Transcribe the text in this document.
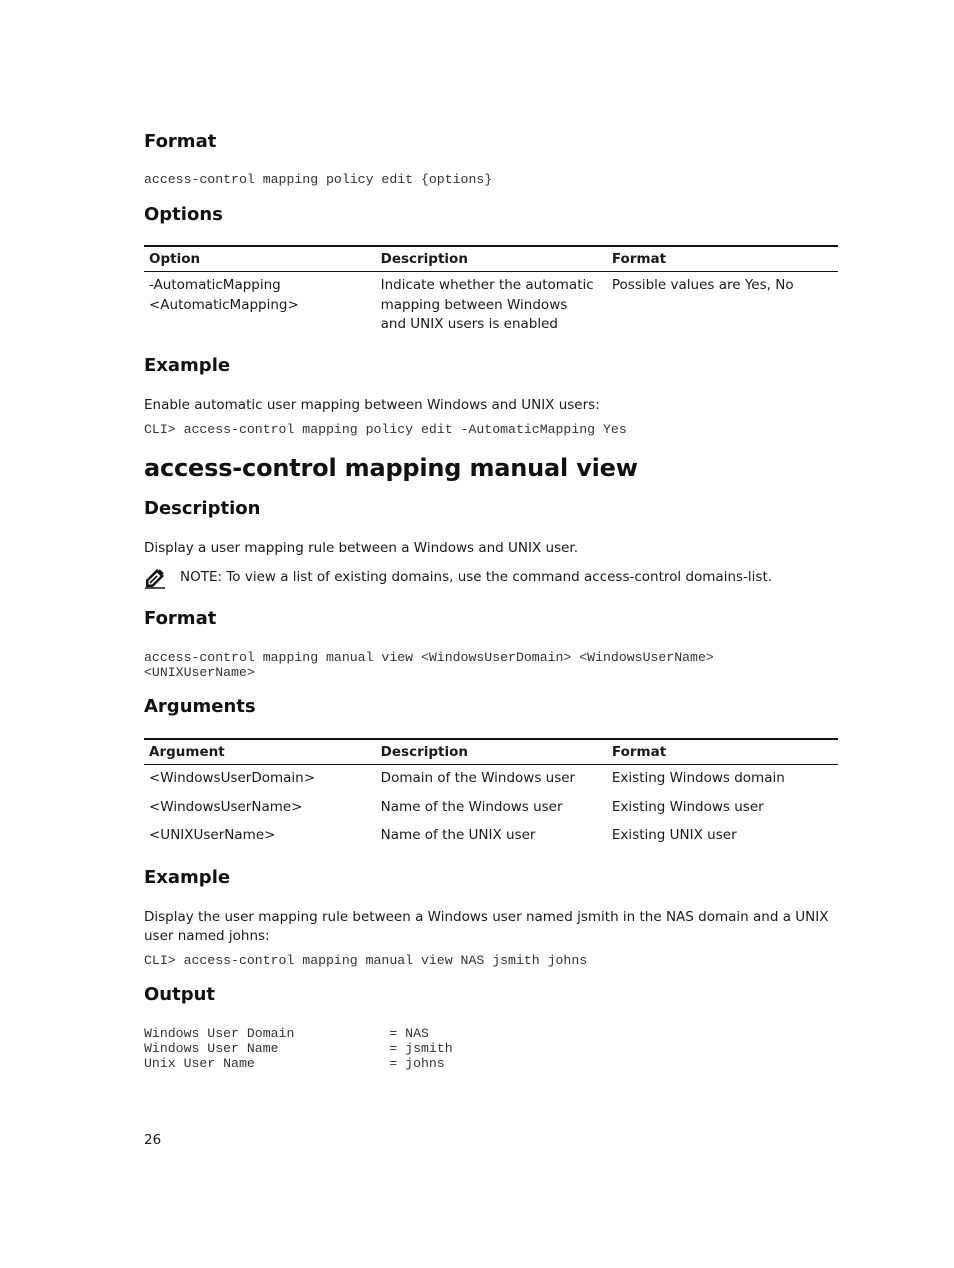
Format
access-control mapping policy edit {options}
Options
Option	Description	Format
-AutomaticMapping
<AutomaticMapping>	Indicate whether the automatic mapping between Windows and UNIX users is enabled	Possible values are Yes, No
Example

Enable automatic user mapping between Windows and UNIX users:

CLI> access-control mapping policy edit -AutomaticMapping Yes
access-control mapping manual view
Description

Display a user mapping rule between a Windows and UNIX user.

NOTE: To view a list of existing domains, use the command access-control domains-list.

Format
access-control mapping manual view <WindowsUserDomain> <WindowsUserName>
<UNIXUserName>
Arguments
Argument	Description	Format
<WindowsUserDomain>	Domain of the Windows user	Existing Windows domain
<WindowsUserName>	Name of the Windows user	Existing Windows user
<UNIXUserName>	Name of the UNIX user	Existing UNIX user
Example

Display the user mapping rule between a Windows user named jsmith in the NAS domain and a UNIX user named johns:

CLI> access-control mapping manual view NAS jsmith johns
Output
Windows User Domain            = NAS
Windows User Name              = jsmith
Unix User Name                 = johns
26
